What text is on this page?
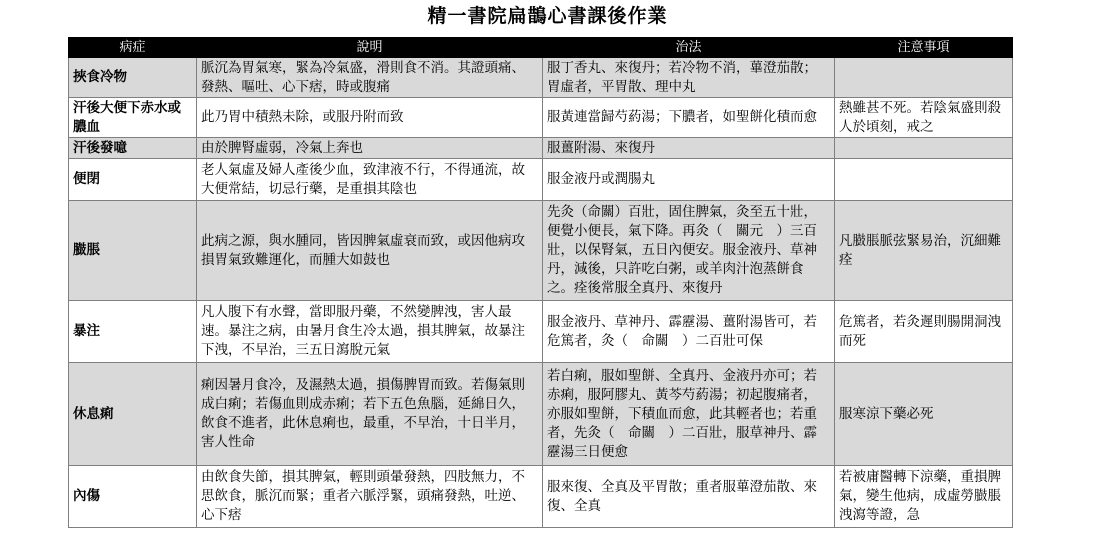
精一書院扁鵲心書課後作業
病症	說明	治法	注意事項
挾食冷物	脈沉為胃氣寒，緊為冷氣盛，滑則食不消。其證頭痛、發熱、嘔吐、心下痞，時或腹痛	服丁香丸、來復丹；若冷物不消，蓽澄茄散；胃虛者，平胃散、理中丸	
汗後大便下赤水或膿血	此乃胃中積熱未除，或服丹附而致	服黃連當歸芍葯湯；下膿者，如聖餅化積而愈	熱雖甚不死。若陰氣盛則殺人於頃刻，戒之
汗後發噫	由於脾腎虛弱，冷氣上奔也	服薑附湯、來復丹	
便閉	老人氣虛及婦人產後少血，致津液不行，不得通流，故大便常結，切忌行藥，是重損其陰也	服金液丹或潤腸丸	
臌脹	此病之源，與水腫同，皆因脾氣虛衰而致，或因他病攻損胃氣致難運化，而腫大如鼓也	先灸（命關）百壯，固住脾氣，灸至五十壯，便覺小便長，氣下降。再灸（　關元　）三百壯，以保腎氣，五日內便安。服金液丹、草神丹，減後，只許吃白粥，或羊肉汁泡蒸餅食之。痊後常服全真丹、來復丹	凡臌脹脈弦緊易治，沉細難痊
暴注	凡人腹下有水聲，當即服丹藥，不然變脾洩，害人最速。暴注之病，由暑月食生冷太過，損其脾氣，故暴注下洩，不早治，三五日瀉脫元氣	服金液丹、草神丹、霹靂湯、薑附湯皆可，若危篤者，灸（　命關　）二百壯可保	危篤者，若灸遲則腸開洞洩而死
休息痢	痢因暑月食冷，及濕熱太過，損傷脾胃而致。若傷氣則成白痢；若傷血則成赤痢；若下五色魚腦，延綿日久，飲食不進者，此休息痢也，最重，不早治，十日半月，害人性命	若白痢，服如聖餅、全真丹、金液丹亦可；若赤痢，服阿膠丸、黃芩芍葯湯；初起腹痛者，亦服如聖餅，下積血而愈，此其輕者也；若重者，先灸（　命關　）二百壯，服草神丹、霹靂湯三日便愈	服寒涼下藥必死
內傷	由飲食失節，損其脾氣，輕則頭暈發熱，四肢無力，不思飲食，脈沉而緊；重者六脈浮緊，頭痛發熱，吐逆、心下痞	服來復、全真及平胃散；重者服蓽澄茄散、來復、全真	若被庸醫轉下涼藥，重損脾氣，變生他病，成虛勞臌脹洩瀉等證，急
